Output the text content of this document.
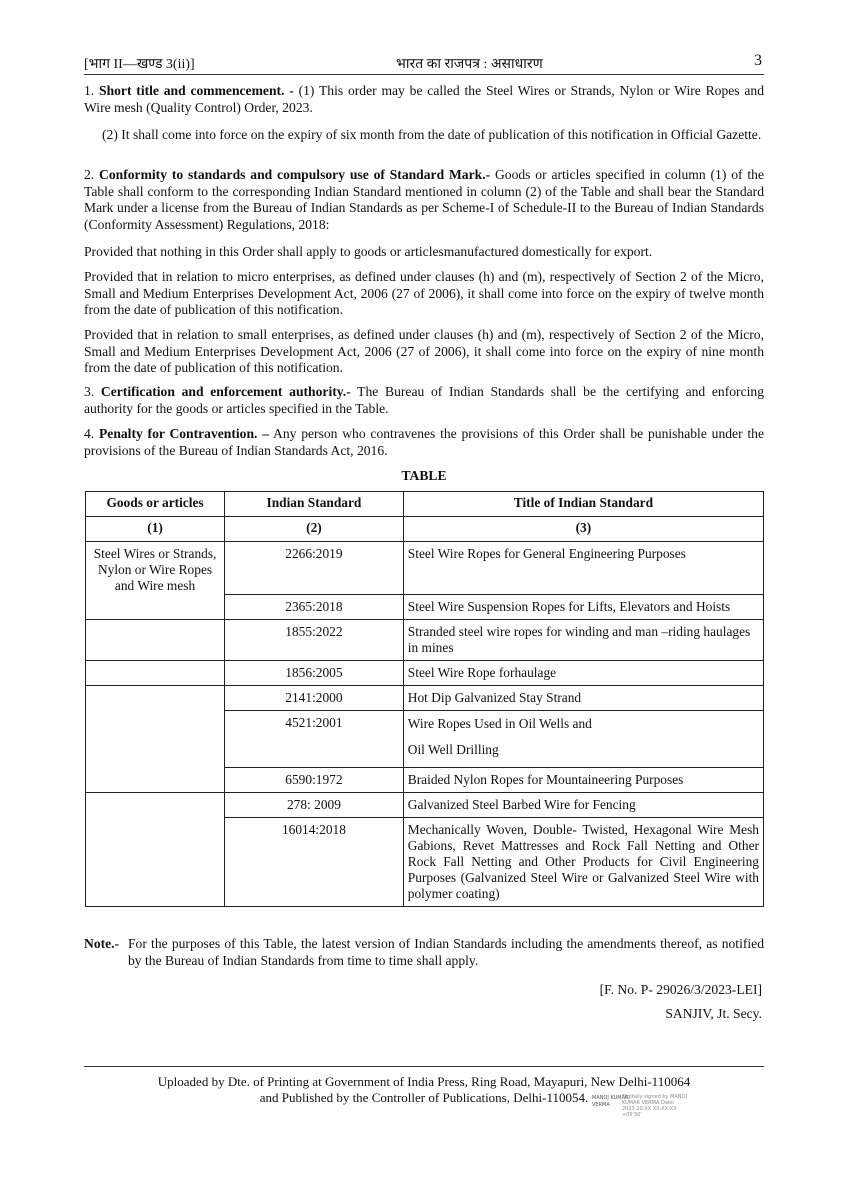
[भाग II—खण्ड 3(ii)]	भारत का राजपत्र : असाधारण	3
1. Short title and commencement. - (1) This order may be called the Steel Wires or Strands, Nylon or Wire Ropes and Wire mesh (Quality Control) Order, 2023.
(2) It shall come into force on the expiry of six month from the date of publication of this notification in Official Gazette.
2. Conformity to standards and compulsory use of Standard Mark.- Goods or articles specified in column (1) of the Table shall conform to the corresponding Indian Standard mentioned in column (2) of the Table and shall bear the Standard Mark under a license from the Bureau of Indian Standards as per Scheme-I of Schedule-II to the Bureau of Indian Standards (Conformity Assessment) Regulations, 2018:
Provided that nothing in this Order shall apply to goods or articlesmanufactured domestically for export.
Provided that in relation to micro enterprises, as defined under clauses (h) and (m), respectively of Section 2 of the Micro, Small and Medium Enterprises Development Act, 2006 (27 of 2006), it shall come into force on the expiry of twelve month from the date of publication of this notification.
Provided that in relation to small enterprises, as defined under clauses (h) and (m), respectively of Section 2 of the Micro, Small and Medium Enterprises Development Act, 2006 (27 of 2006), it shall come into force on the expiry of nine month from the date of publication of this notification.
3. Certification and enforcement authority.- The Bureau of Indian Standards shall be the certifying and enforcing authority for the goods or articles specified in the Table.
4. Penalty for Contravention. – Any person who contravenes the provisions of this Order shall be punishable under the provisions of the Bureau of Indian Standards Act, 2016.
TABLE
Goods or articles	Indian Standard	Title of Indian Standard
(1)	(2)	(3)

Steel Wires or Strands,
Nylon or Wire Ropes
and Wire mesh	2266:2019	Steel Wire Ropes for General Engineering Purposes
	2365:2018	Steel Wire Suspension Ropes for Lifts, Elevators and Hoists
	1855:2022	Stranded steel wire ropes for winding and man –riding haulages in mines
	1856:2005	Steel Wire Rope forhaulage
	2141:2000	Hot Dip Galvanized Stay Strand
	4521:2001	Wire Ropes Used in Oil Wells and
Oil Well Drilling

	6590:1972	Braided Nylon Ropes for Mountaineering Purposes
	278: 2009	Galvanized Steel Barbed Wire for Fencing
	16014:2018	Mechanically Woven, Double- Twisted, Hexagonal Wire Mesh Gabions, Revet Mattresses and Rock Fall Netting and Other Rock Fall Netting and Other Products for Civil Engineering Purposes (Galvanized Steel Wire or Galvanized Steel Wire with polymer coating)
Note.- For the purposes of this Table, the latest version of Indian Standards including the amendments thereof, as notified by the Bureau of Indian Standards from time to time shall apply.
[F. No. P- 29026/3/2023-LEI]
SANJIV, Jt. Secy.
Uploaded by Dte. of Printing at Government of India Press, Ring Road, Mayapuri, New Delhi-110064
and Published by the Controller of Publications, Delhi-110054. MANOJ KUMAR
VERMA
Digitally signed by MANOJ KUMAR VERMA Date: 2023.10.XX XX:XX:XX +05'30'
